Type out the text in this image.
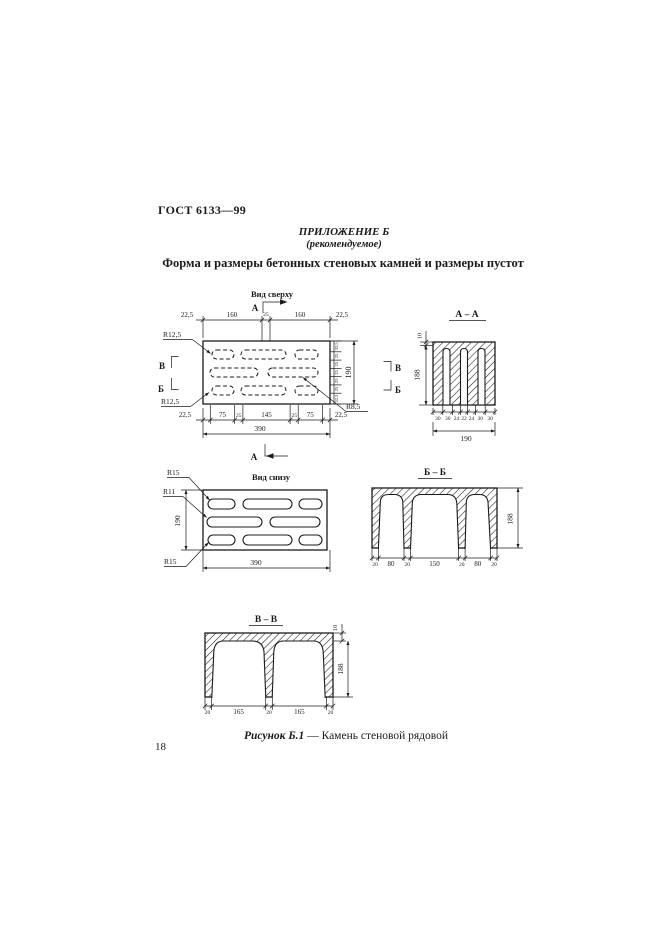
ГОСТ 6133—99
ПРИЛОЖЕНИЕ Б
(рекомендуемое)
Форма и размеры бетонных стеновых камней и размеры пустот
Вид сверху
А
22,5	160	25	160	22,5
В
Б
В
Б
R12,5
R12,5
R8,5
22,5	75 25	145	25 75	22,5
390
А
32,5
25
25
25
25
25
32,5
190
А – А
10
188
30 30 24 22 24 30 30
190
Вид снизу
R15
R11
R15
190
390
Б – Б
188
20 80 20	150	20 80 20
В – В
10
188
20	165	20	165	20
Рисунок Б.1 — Камень стеновой рядовой
18
